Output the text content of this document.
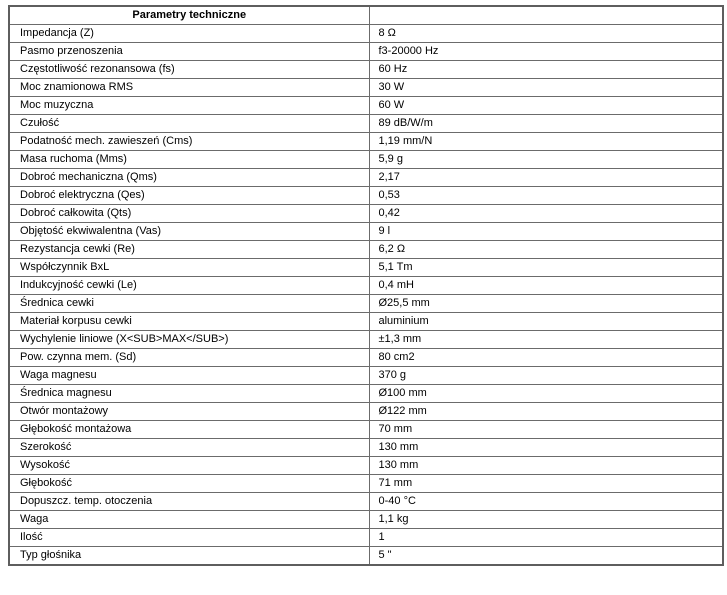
Parametry techniczne	
Impedancja (Z)	8 Ω
Pasmo przenoszenia	f3-20000 Hz
Częstotliwość rezonansowa (fs)	60 Hz
Moc znamionowa RMS	30 W
Moc muzyczna	60 W
Czułość	89 dB/W/m
Podatność mech. zawieszeń (Cms)	1,19 mm/N
Masa ruchoma (Mms)	5,9 g
Dobroć mechaniczna (Qms)	2,17
Dobroć elektryczna (Qes)	0,53
Dobroć całkowita (Qts)	0,42
Objętość ekwiwalentna (Vas)	9 l
Rezystancja cewki (Re)	6,2 Ω
Współczynnik BxL	5,1 Tm
Indukcyjność cewki (Le)	0,4 mH
Średnica cewki	Ø25,5 mm
Materiał korpusu cewki	aluminium
Wychylenie liniowe (X<SUB>MAX</SUB>)	±1,3 mm
Pow. czynna mem. (Sd)	80 cm2
Waga magnesu	370 g
Średnica magnesu	Ø100 mm
Otwór montażowy	Ø122 mm
Głębokość montażowa	70 mm
Szerokość	130 mm
Wysokość	130 mm
Głębokość	71 mm
Dopuszcz. temp. otoczenia	0-40 °C
Waga	1,1 kg
Ilość	1
Typ głośnika	5 "
